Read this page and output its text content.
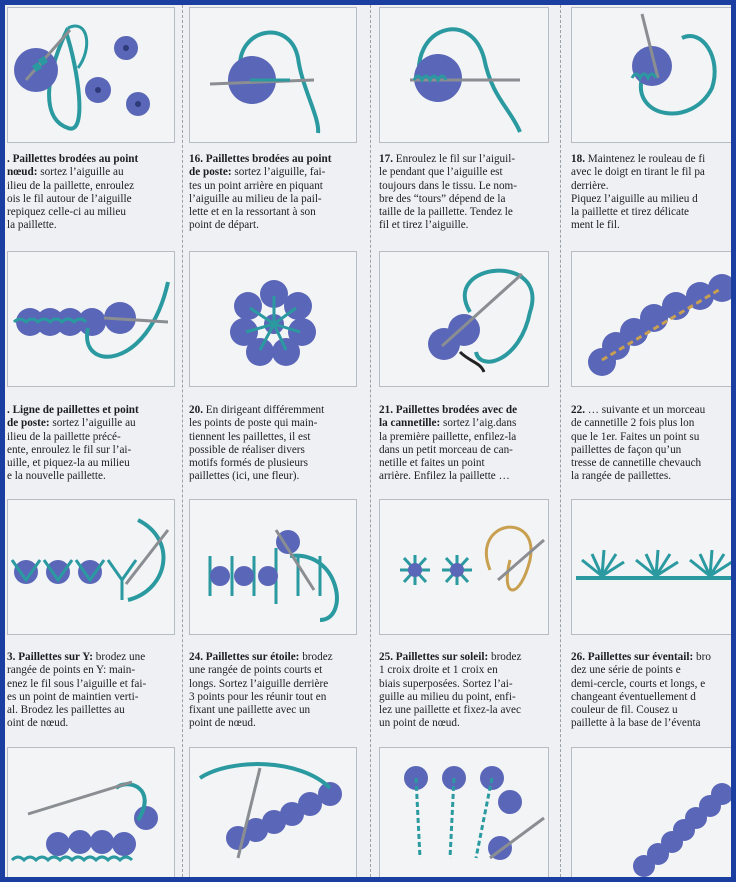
. Paillettes brodées au point
nœud: sortez l’aiguille au
ilieu de la paillette, enroulez
ois le fil autour de l’aiguille
repiquez celle-ci au milieu
la paillette.
16. Paillettes brodées au point
de poste: sortez l’aiguille, fai-
tes un point arrière en piquant
l’aiguille au milieu de la pail-
lette et en la ressortant à son
point de départ.
17. Enroulez le fil sur l’aiguil-
le pendant que l’aiguille est
toujours dans le tissu. Le nom-
bre des “tours” dépend de la
taille de la paillette. Tendez le
fil et tirez l’aiguille.
18. Maintenez le rouleau de fi
avec le doigt en tirant le fil pa
derrière.
Piquez l’aiguille au milieu d
la paillette et tirez délicate
ment le fil.
. Ligne de paillettes et point
de poste: sortez l’aiguille au
ilieu de la paillette précé-
ente, enroulez le fil sur l’ai-
uille, et piquez-la au milieu
e la nouvelle paillette.
20. En dirigeant différemment
les points de poste qui main-
tiennent les paillettes, il est
possible de réaliser divers
motifs formés de plusieurs
paillettes (ici, une fleur).
21. Paillettes brodées avec de
la cannetille: sortez l’aig.dans
la première paillette, enfilez-la
dans un petit morceau de can-
netille et faites un point
arrière. Enfilez la paillette …
22. … suivante et un morceau
de cannetille 2 fois plus lon
que le 1er. Faites un point su
paillettes de façon qu’un
tresse de cannetille chevauch
la rangée de paillettes.
3. Paillettes sur Y: brodez une
rangée de points en Y: main-
enez le fil sous l’aiguille et fai-
es un point de maintien verti-
al. Brodez les paillettes au
oint de nœud.
24. Paillettes sur étoile: brodez
une rangée de points courts et
longs. Sortez l’aiguille derrière
3 points pour les réunir tout en
fixant une paillette avec un
point de nœud.
25. Paillettes sur soleil: brodez
1 croix droite et 1 croix en
biais superposées. Sortez l’ai-
guille au milieu du point, enfi-
lez une paillette et fixez-la avec
un point de nœud.
26. Paillettes sur éventail: bro
dez une série de points e
demi-cercle, courts et longs, e
changeant éventuellement d
couleur de fil. Cousez u
paillette à la base de l’éventa
